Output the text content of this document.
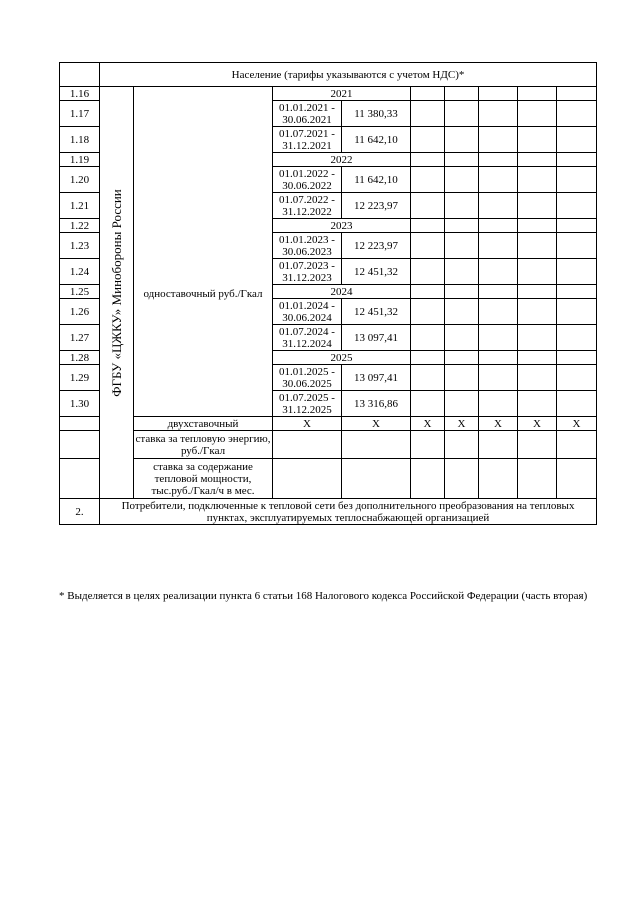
	Население (тарифы указываются с учетом НДС)*								
1.16	ФГБУ «ЦЖКУ» Минобороны России	одноставочный руб./Гкал	2021						
1.17			01.01.2021 - 30.06.2021	11 380,33					
1.18			01.07.2021 - 31.12.2021	11 642,10					
1.19			2022						
1.20			01.01.2022 - 30.06.2022	11 642,10					
1.21			01.07.2022 - 31.12.2022	12 223,97					
1.22			2023						
1.23			01.01.2023 - 30.06.2023	12 223,97					
1.24			01.07.2023 - 31.12.2023	12 451,32					
1.25			2024						
1.26			01.01.2024 - 30.06.2024	12 451,32					
1.27			01.07.2024 - 31.12.2024	13 097,41					
1.28			2025						
1.29			01.01.2025 - 30.06.2025	13 097,41					
1.30			01.07.2025 - 31.12.2025	13 316,86					
		двухставочный	X	X	X	X	X	X	X
		ставка за тепловую энергию, руб./Гкал							
		ставка за содержание тепловой мощности, тыс.руб./Гкал/ч в мес.							
2.	Потребители, подключенные к тепловой сети без дополнительного преобразования на тепловых пунктах, эксплуатируемых теплоснабжающей организацией								
* Выделяется в целях реализации пункта 6 статьи 168 Налогового кодекса Российской Федерации (часть вторая)
